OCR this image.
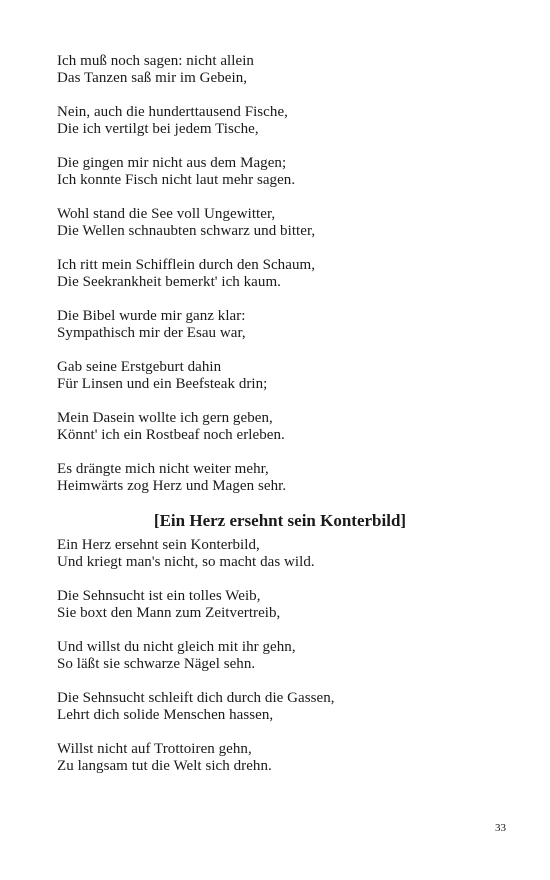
Ich muß noch sagen: nicht allein
Das Tanzen saß mir im Gebein,
Nein, auch die hunderttausend Fische,
Die ich vertilgt bei jedem Tische,
Die gingen mir nicht aus dem Magen;
Ich konnte Fisch nicht laut mehr sagen.
Wohl stand die See voll Ungewitter,
Die Wellen schnaubten schwarz und bitter,
Ich ritt mein Schifflein durch den Schaum,
Die Seekrankheit bemerkt' ich kaum.
Die Bibel wurde mir ganz klar:
Sympathisch mir der Esau war,
Gab seine Erstgeburt dahin
Für Linsen und ein Beefsteak drin;
Mein Dasein wollte ich gern geben,
Könnt' ich ein Rostbeaf noch erleben.
Es drängte mich nicht weiter mehr,
Heimwärts zog Herz und Magen sehr.
[Ein Herz ersehnt sein Konterbild]
Ein Herz ersehnt sein Konterbild,
Und kriegt man's nicht, so macht das wild.
Die Sehnsucht ist ein tolles Weib,
Sie boxt den Mann zum Zeitvertreib,
Und willst du nicht gleich mit ihr gehn,
So läßt sie schwarze Nägel sehn.
Die Sehnsucht schleift dich durch die Gassen,
Lehrt dich solide Menschen hassen,
Willst nicht auf Trottoiren gehn,
Zu langsam tut die Welt sich drehn.
33
